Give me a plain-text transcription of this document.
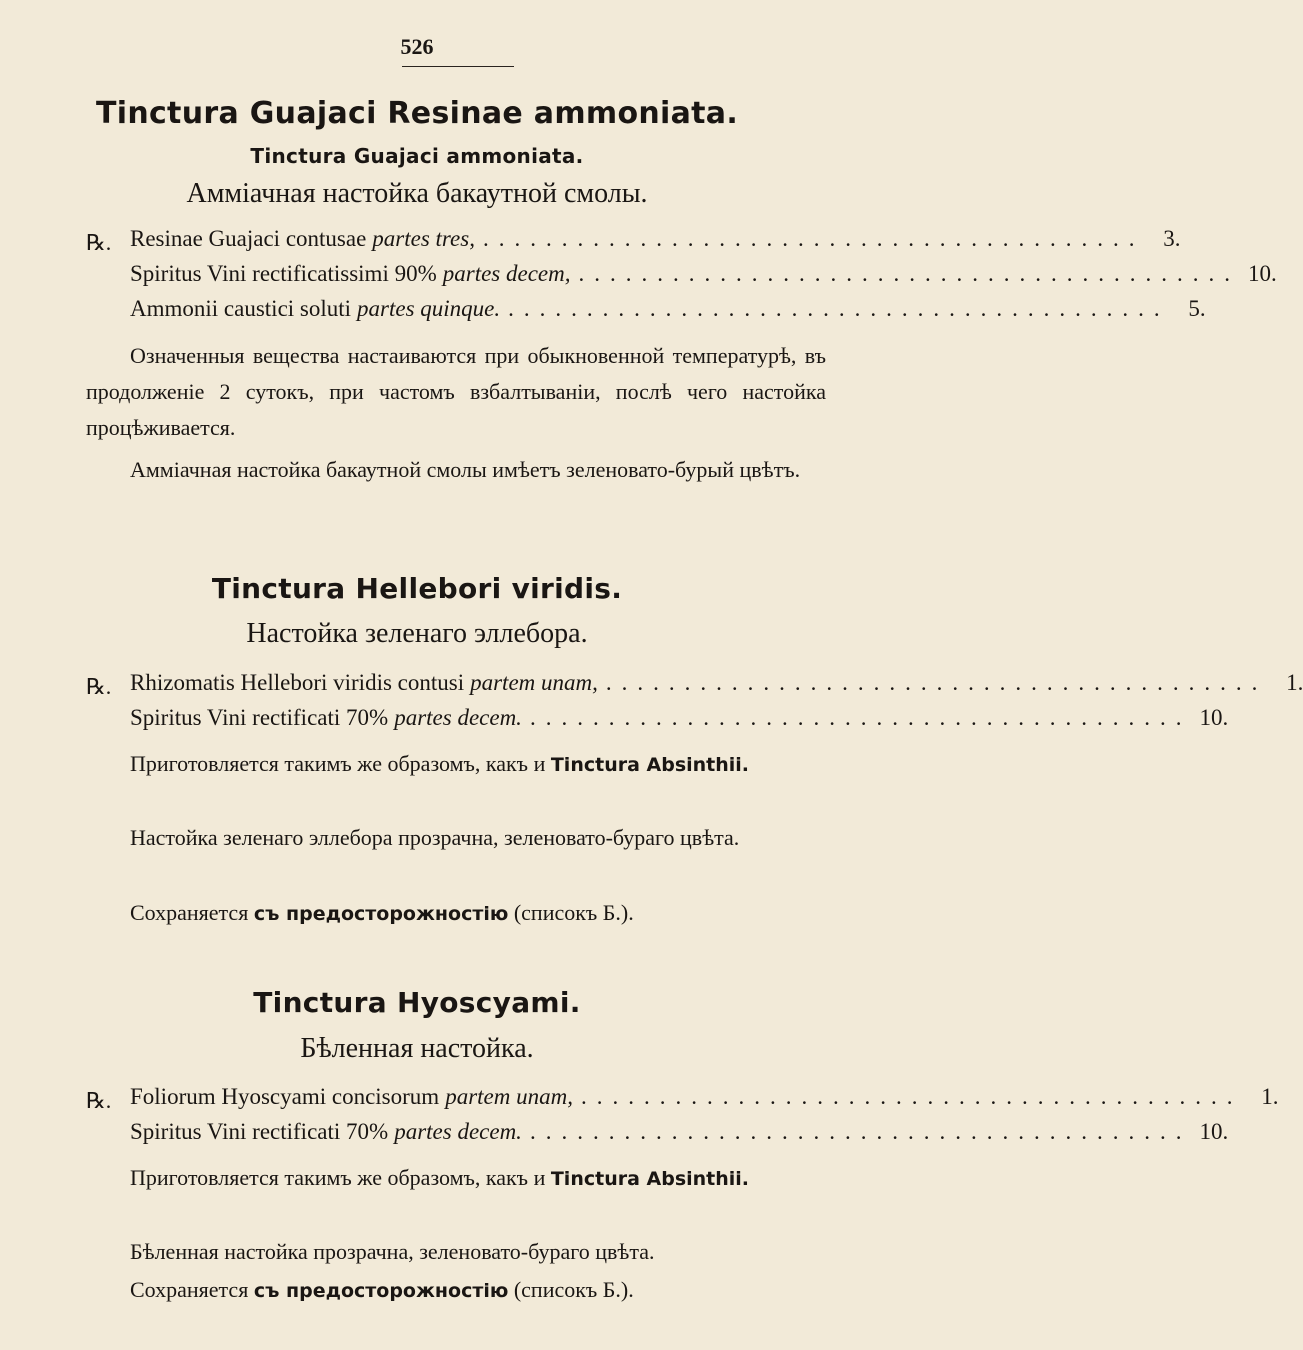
526
Tinctura Guajaci Resinae ammoniata.
Tinctura Guajaci ammoniata.
Аммiачная настойка бакаутной смолы.
℞. Resinae Guajaci contusae partes tres, .......................................... 3.
Spiritus Vini rectificatissimi 90% partes decem, .......................................... 10.
Ammonii caustici soluti partes quinque. .......................................... 5.
Означенныя вещества настаиваются при обыкновенной температурѣ, въ продолженiе 2 сутокъ, при частомъ взбалтыванiи, послѣ чего настойка процѣживается.
Аммiачная настойка бакаутной смолы имѣетъ зеленовато-бурый цвѣтъ.
Tinctura Hellebori viridis.
Настойка зеленаго эллебора.
℞. Rhizomatis Hellebori viridis contusi partem unam, .......................................... 1.
Spiritus Vini rectificati 70% partes decem. .......................................... 10.
Приготовляется такимъ же образомъ, какъ и Tinctura Absinthii.
Настойка зеленаго эллебора прозрачна, зеленовато-бураго цвѣта.
Сохраняется съ предосторожностiю (списокъ Б.).
Tinctura Hyoscyami.
Бѣленная настойка.
℞. Foliorum Hyoscyami concisorum partem unam, .......................................... 1.
Spiritus Vini rectificati 70% partes decem. .......................................... 10.
Приготовляется такимъ же образомъ, какъ и Tinctura Absinthii.
Бѣленная настойка прозрачна, зеленовато-бураго цвѣта.
Сохраняется съ предосторожностiю (списокъ Б.).
